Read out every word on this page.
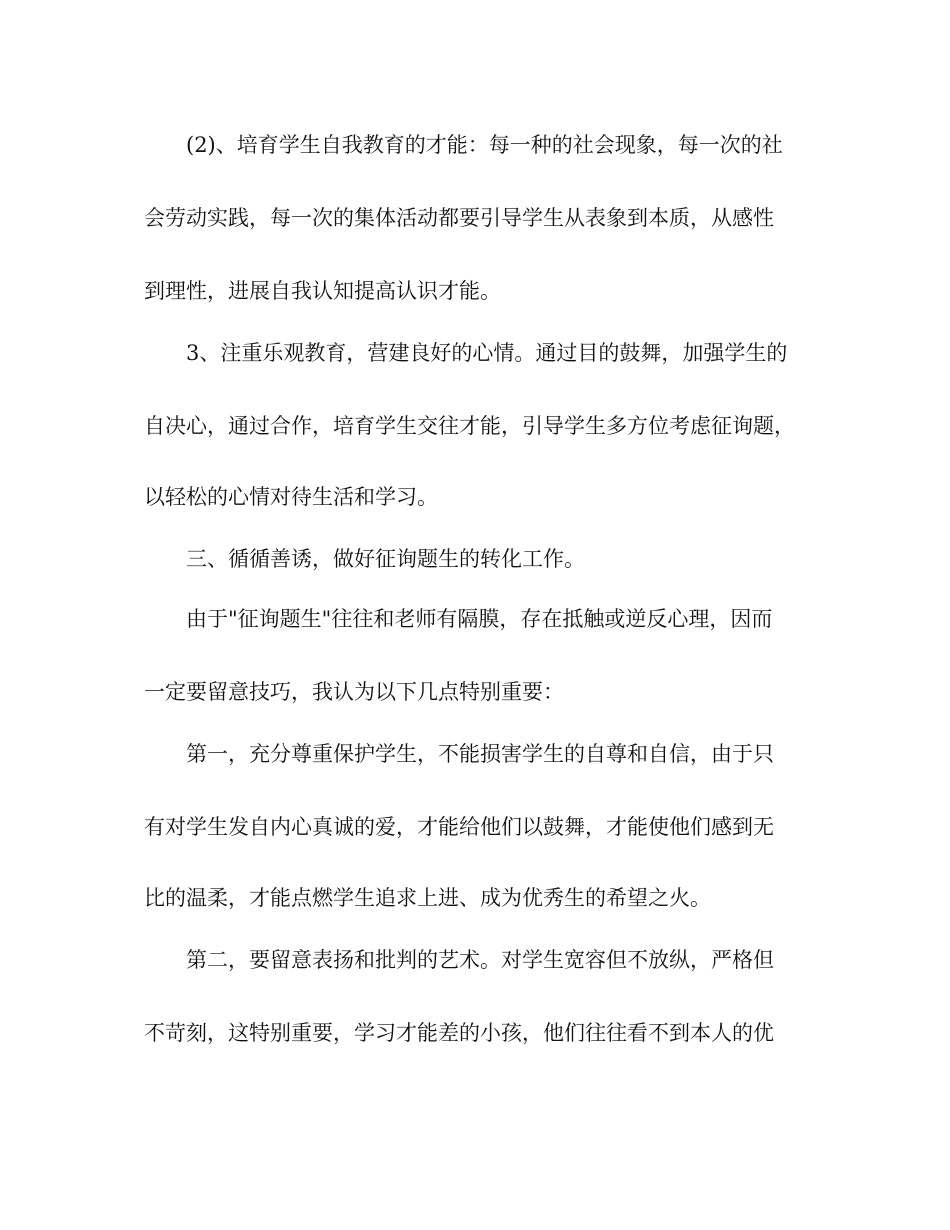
(2)、培育学生自我教育的才能：每一种的社会现象，每一次的社
会劳动实践，每一次的集体活动都要引导学生从表象到本质，从感性
到理性，进展自我认知提高认识才能。
3、注重乐观教育，营建良好的心情。通过目的鼓舞，加强学生的
自决心，通过合作，培育学生交往才能，引导学生多方位考虑征询题，
以轻松的心情对待生活和学习。
三、循循善诱，做好征询题生的转化工作。
由于"征询题生"往往和老师有隔膜，存在抵触或逆反心理，因而
一定要留意技巧，我认为以下几点特别重要：
第一，充分尊重保护学生，不能损害学生的自尊和自信，由于只
有对学生发自内心真诚的爱，才能给他们以鼓舞，才能使他们感到无
比的温柔，才能点燃学生追求上进、成为优秀生的希望之火。
第二，要留意表扬和批判的艺术。对学生宽容但不放纵，严格但
不苛刻，这特别重要，学习才能差的小孩，他们往往看不到本人的优
